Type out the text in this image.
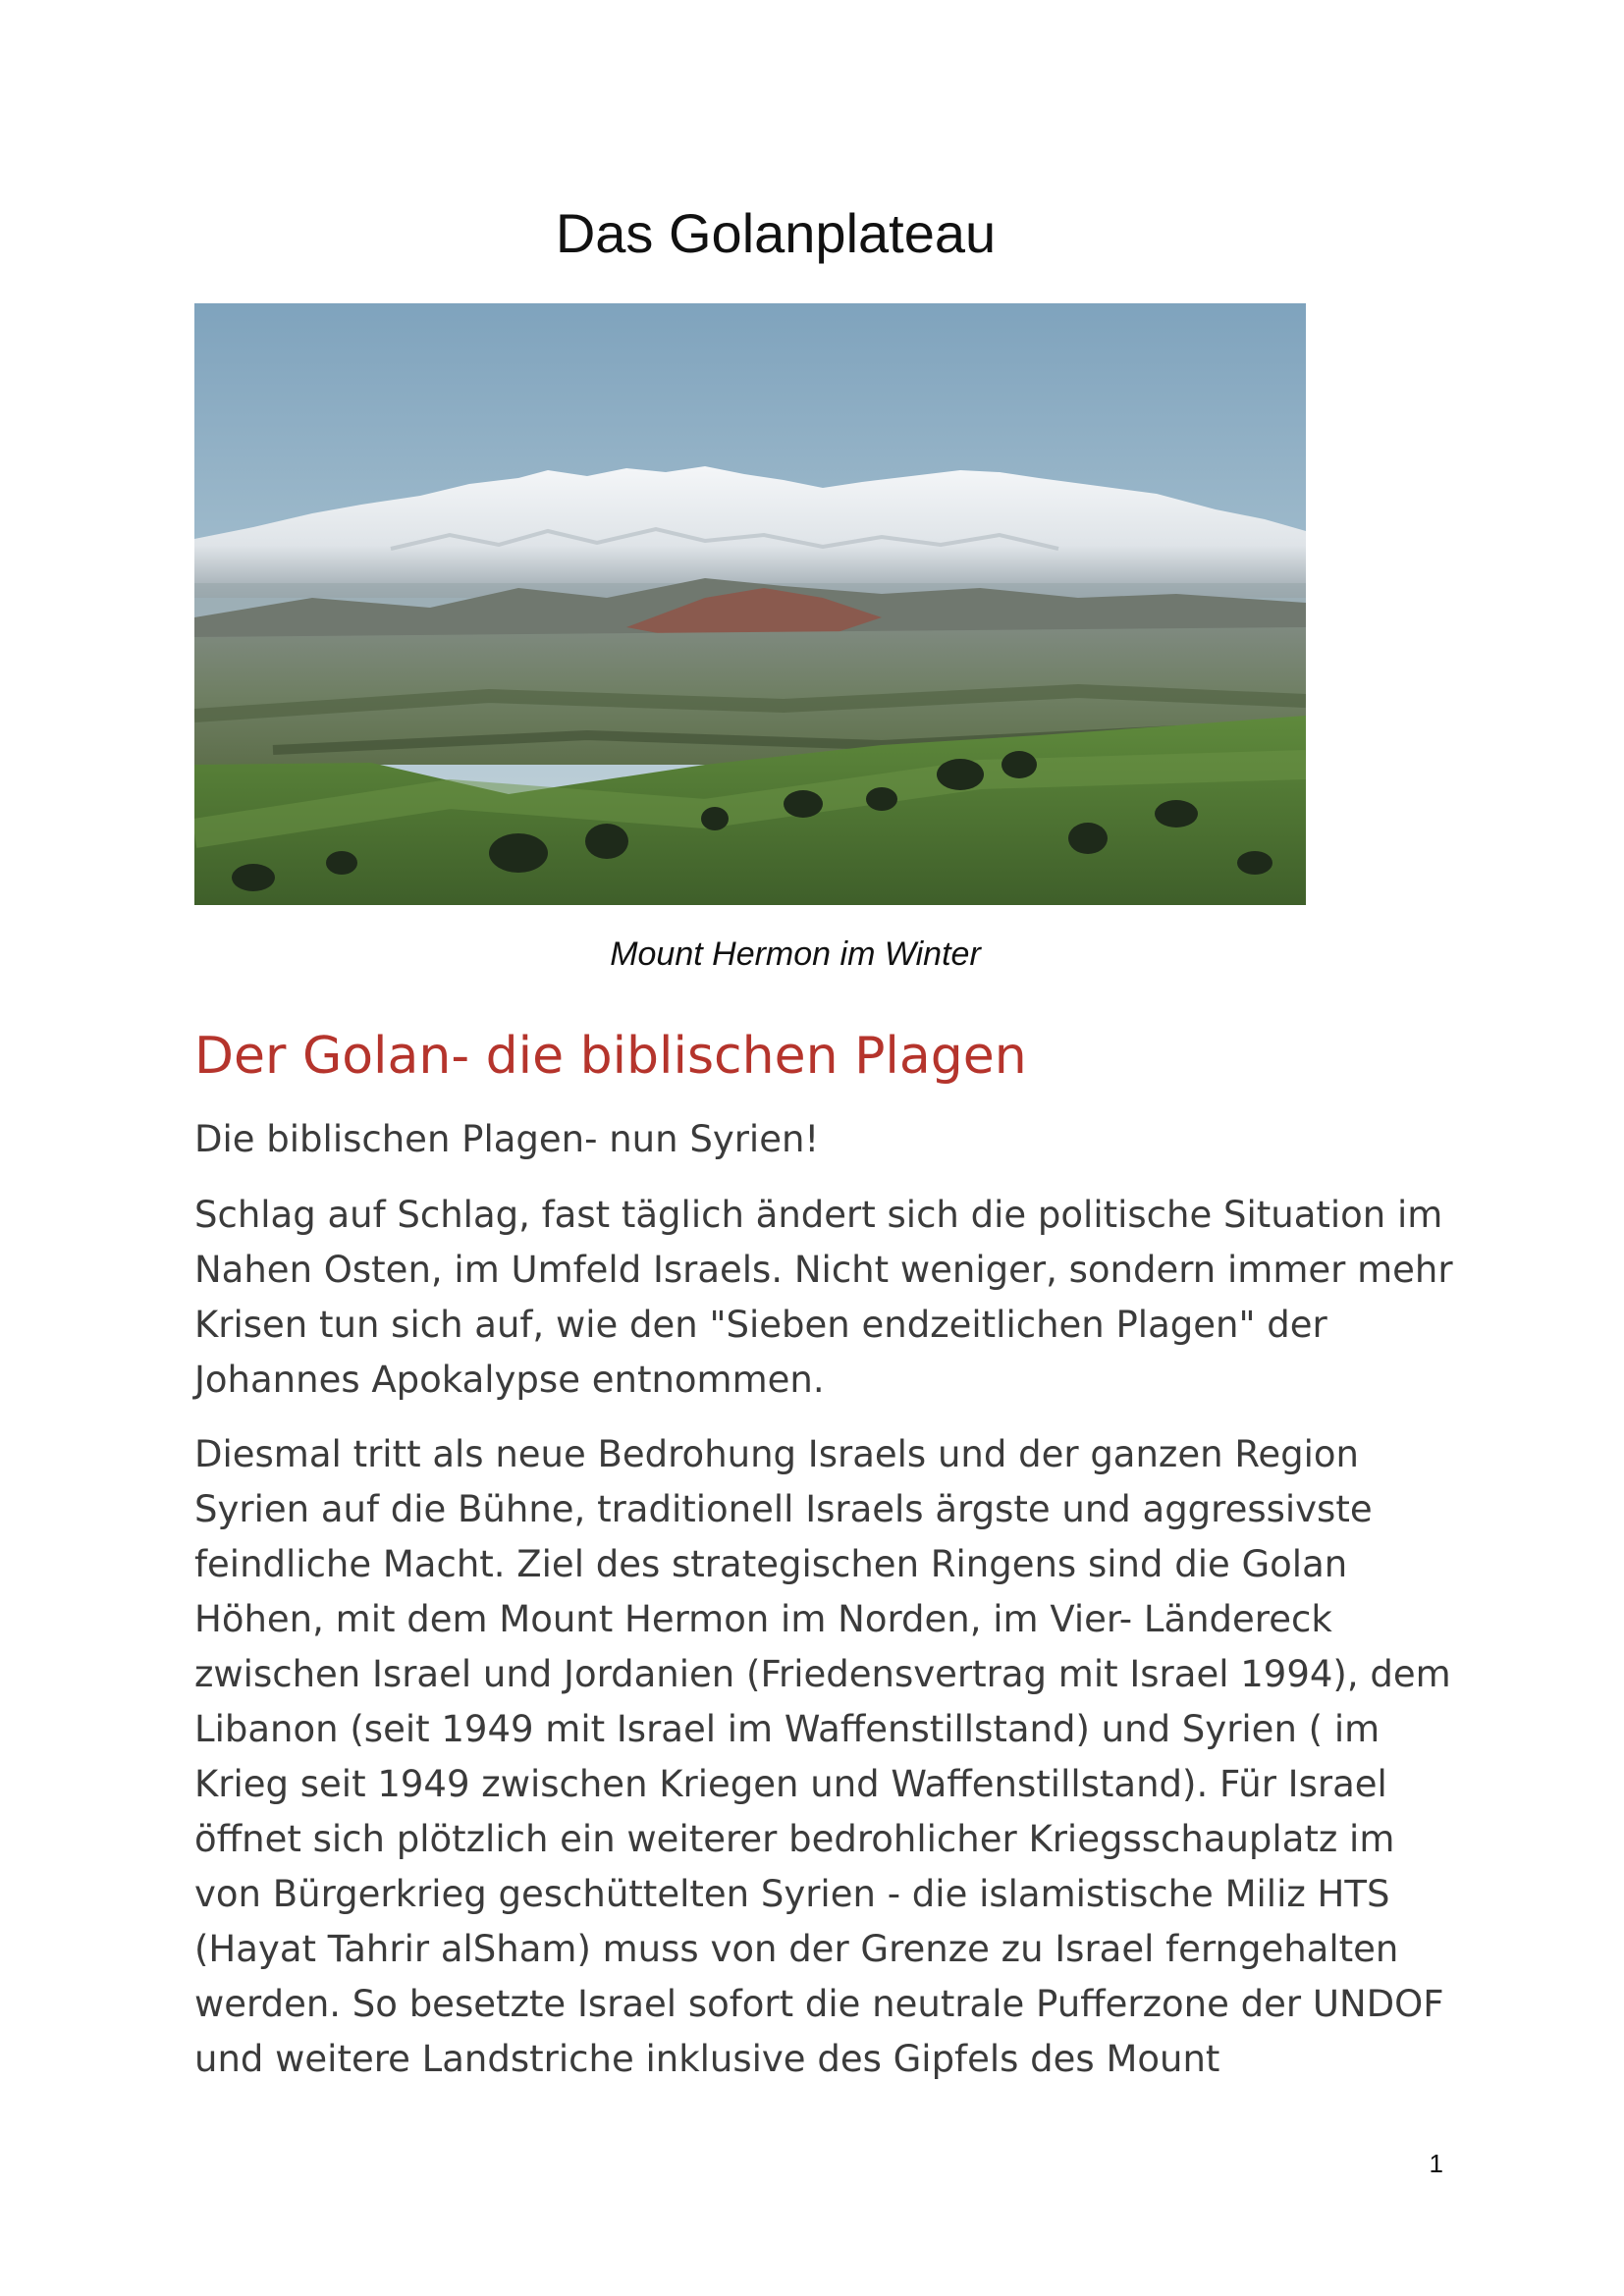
Das Golanplateau

Mount Hermon im Winter

Der Golan- die biblischen Plagen

Die biblischen Plagen- nun Syrien!

Schlag auf Schlag, fast täglich ändert sich die politische Situation im Nahen Osten, im Umfeld Israels. Nicht weniger, sondern immer mehr Krisen tun sich auf, wie den "Sieben endzeitlichen Plagen" der Johannes Apokalypse entnommen.

Diesmal tritt als neue Bedrohung Israels und der ganzen Region Syrien auf die Bühne, traditionell Israels ärgste und aggressivste feindliche Macht. Ziel des strategischen Ringens sind die Golan Höhen, mit dem Mount Hermon im Norden, im Vier- Ländereck zwischen Israel und Jordanien (Friedensvertrag mit Israel 1994), dem Libanon (seit 1949 mit Israel im Waffenstillstand) und Syrien ( im Krieg seit 1949 zwischen Kriegen und Waffenstillstand). Für Israel öffnet sich plötzlich ein weiterer bedrohlicher Kriegsschauplatz im von Bürgerkrieg geschüttelten Syrien - die islamistische Miliz HTS (Hayat Tahrir alSham) muss von der Grenze zu Israel ferngehalten werden. So besetzte Israel sofort die neutrale Pufferzone der UNDOF und weitere Landstriche inklusive des Gipfels des Mount

1
